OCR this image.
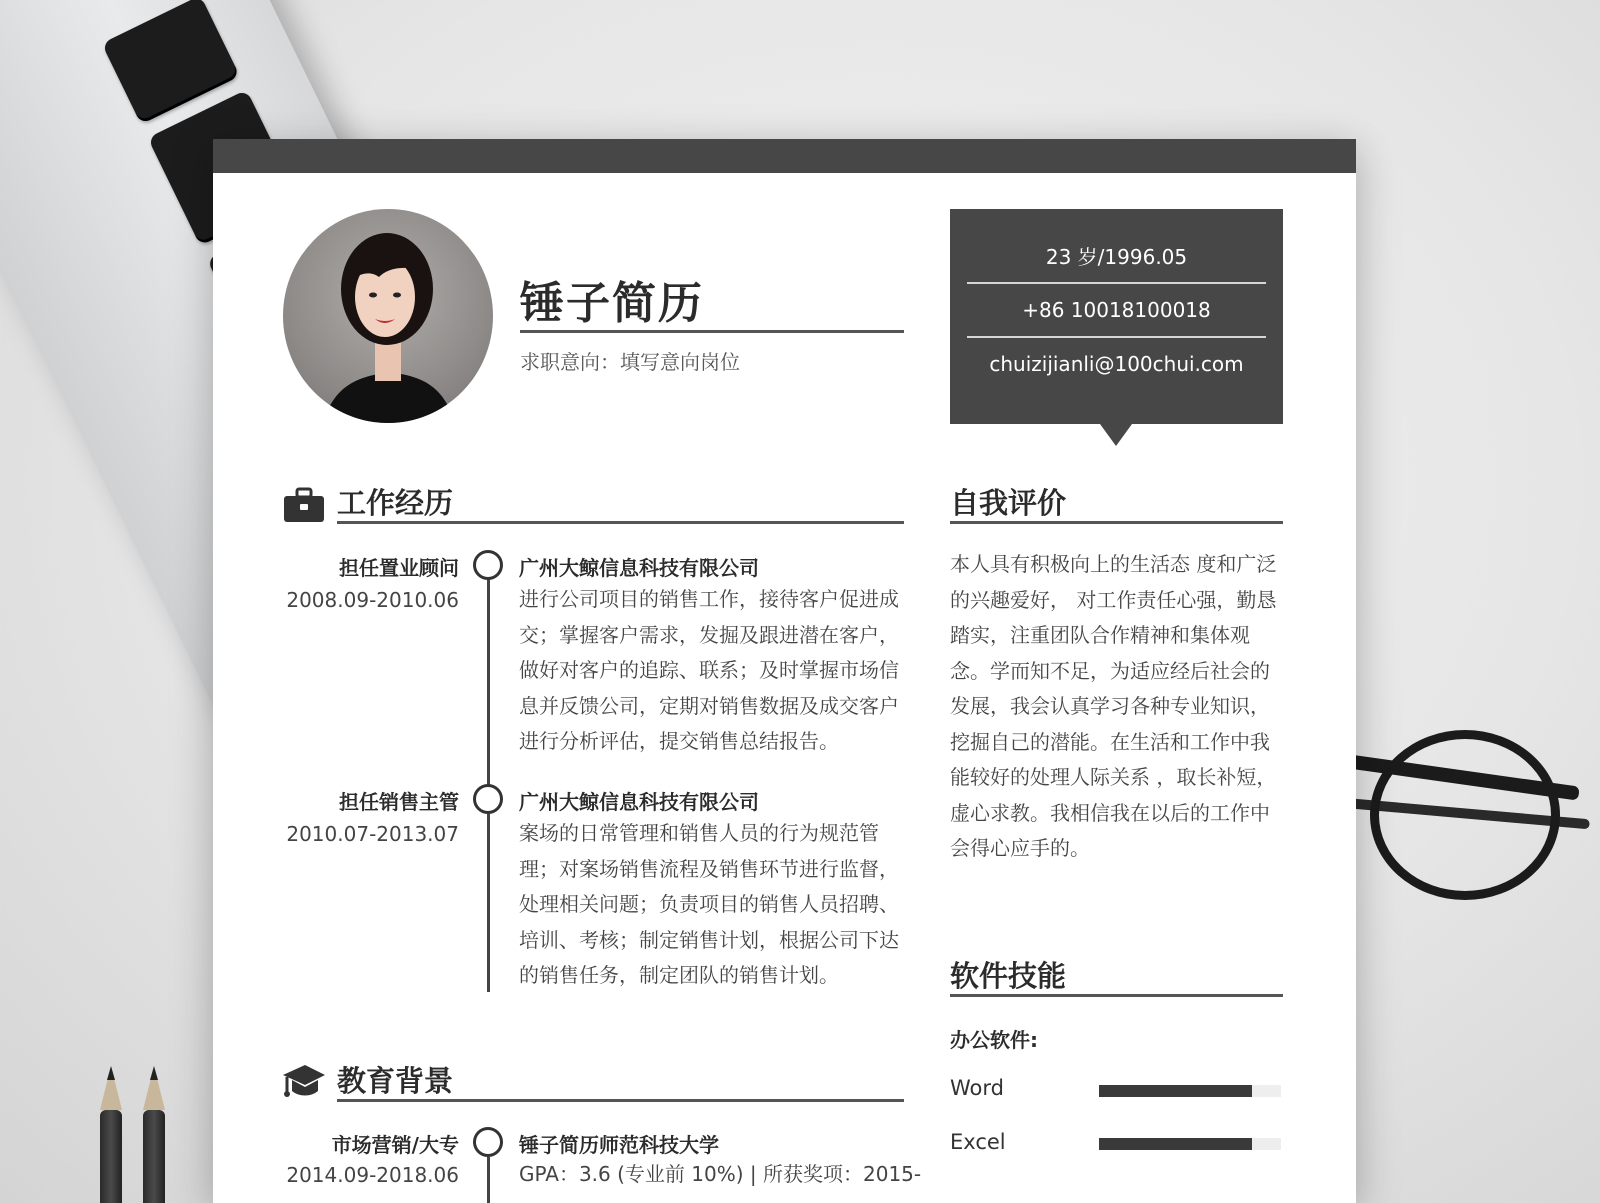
锤子简历
求职意向：填写意向岗位
23 岁/1996.05
+86 10018100018
chuizijianli@100chui.com
工作经历
担任置业顾问
2008.09-2010.06
广州大鲸信息科技有限公司
进行公司项目的销售工作，接待客户促进成交；掌握客户需求，发掘及跟进潜在客户，做好对客户的追踪、联系；及时掌握市场信息并反馈公司，定期对销售数据及成交客户进行分析评估，提交销售总结报告。
担任销售主管
2010.07-2013.07
广州大鲸信息科技有限公司
案场的日常管理和销售人员的行为规范管理；对案场销售流程及销售环节进行监督，处理相关问题；负责项目的销售人员招聘、培训、考核；制定销售计划，根据公司下达的销售任务，制定团队的销售计划。
教育背景
市场营销/大专
2014.09-2018.06
锤子简历师范科技大学
GPA：3.6 (专业前 10%) | 所获奖项：2015-
自我评价
本人具有积极向上的生活态 度和广泛的兴趣爱好， 对工作责任心强，勤恳踏实，注重团队合作精神和集体观念。学而知不足，为适应经后社会的发展，我会认真学习各种专业知识，挖掘自己的潜能。在生活和工作中我能较好的处理人际关系 ，取长补短，虚心求教。我相信我在以后的工作中会得心应手的。
软件技能
办公软件:
Word
Excel
